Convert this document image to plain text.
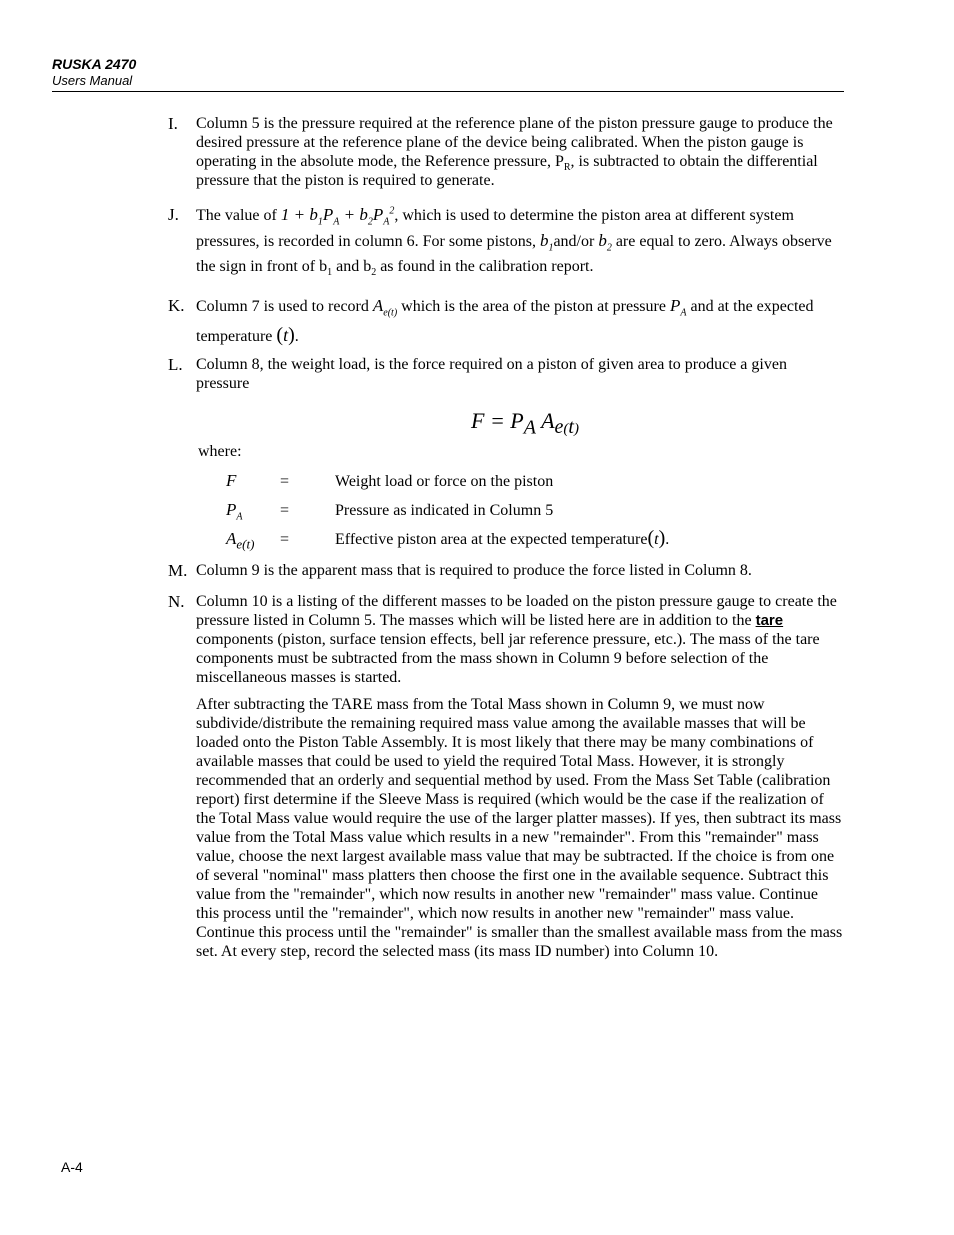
RUSKA 2470
Users Manual
I. Column 5 is the pressure required at the reference plane of the piston pressure gauge to produce the desired pressure at the reference plane of the device being calibrated. When the piston gauge is operating in the absolute mode, the Reference pressure, $P_R$, is subtracted to obtain the differential pressure that the piston is required to generate.
J. The value of $1 + b_1P_A + b_2P_A^2$, which is used to determine the piston area at different system pressures, is recorded in column 6. For some pistons, $b_1and/or$ $b_2$ are equal to zero. Always observe the sign in front of $b_1$ and $b_2$ as found in the calibration report.
K. Column 7 is used to record $A_{e(t)}$ which is the area of the piston at pressure $P_A$ and at the expected temperature (t).
L. Column 8, the weight load, is the force required on a piston of given area to produce a given pressure
$F = P_A$ $A_{e(t)}$
where:
F	=	Weight load or force on the piston
$P_A$	=	Pressure as indicated in Column 5
$A_{e(t)}$	=	Effective piston area at the expected temperature(t).
M. Column 9 is the apparent mass that is required to produce the force listed in Column 8.
N. Column 10 is a listing of the different masses to be loaded on the piston pressure gauge to create the pressure listed in Column 5. The masses which will be listed here are in addition to the tare components (piston, surface tension effects, bell jar reference pressure, etc.). The mass of the tare components must be subtracted from the mass shown in Column 9 before selection of the miscellaneous masses is started.
After subtracting the TARE mass from the Total Mass shown in Column 9, we must now subdivide/distribute the remaining required mass value among the available masses that will be loaded onto the Piston Table Assembly. It is most likely that there may be many combinations of available masses that could be used to yield the required Total Mass. However, it is strongly recommended that an orderly and sequential method by used. From the Mass Set Table (calibration report) first determine if the Sleeve Mass is required (which would be the case if the realization of the Total Mass value would require the use of the larger platter masses). If yes, then subtract its mass value from the Total Mass value which results in a new "remainder". From this "remainder" mass value, choose the next largest available mass value that may be subtracted. If the choice is from one of several "nominal" mass platters then choose the first one in the available sequence. Subtract this value from the "remainder", which now results in another new "remainder" mass value. Continue this process until the "remainder", which now results in another new "remainder" mass value. Continue this process until the "remainder" is smaller than the smallest available mass from the mass set. At every step, record the selected mass (its mass ID number) into Column 10.
A-4
